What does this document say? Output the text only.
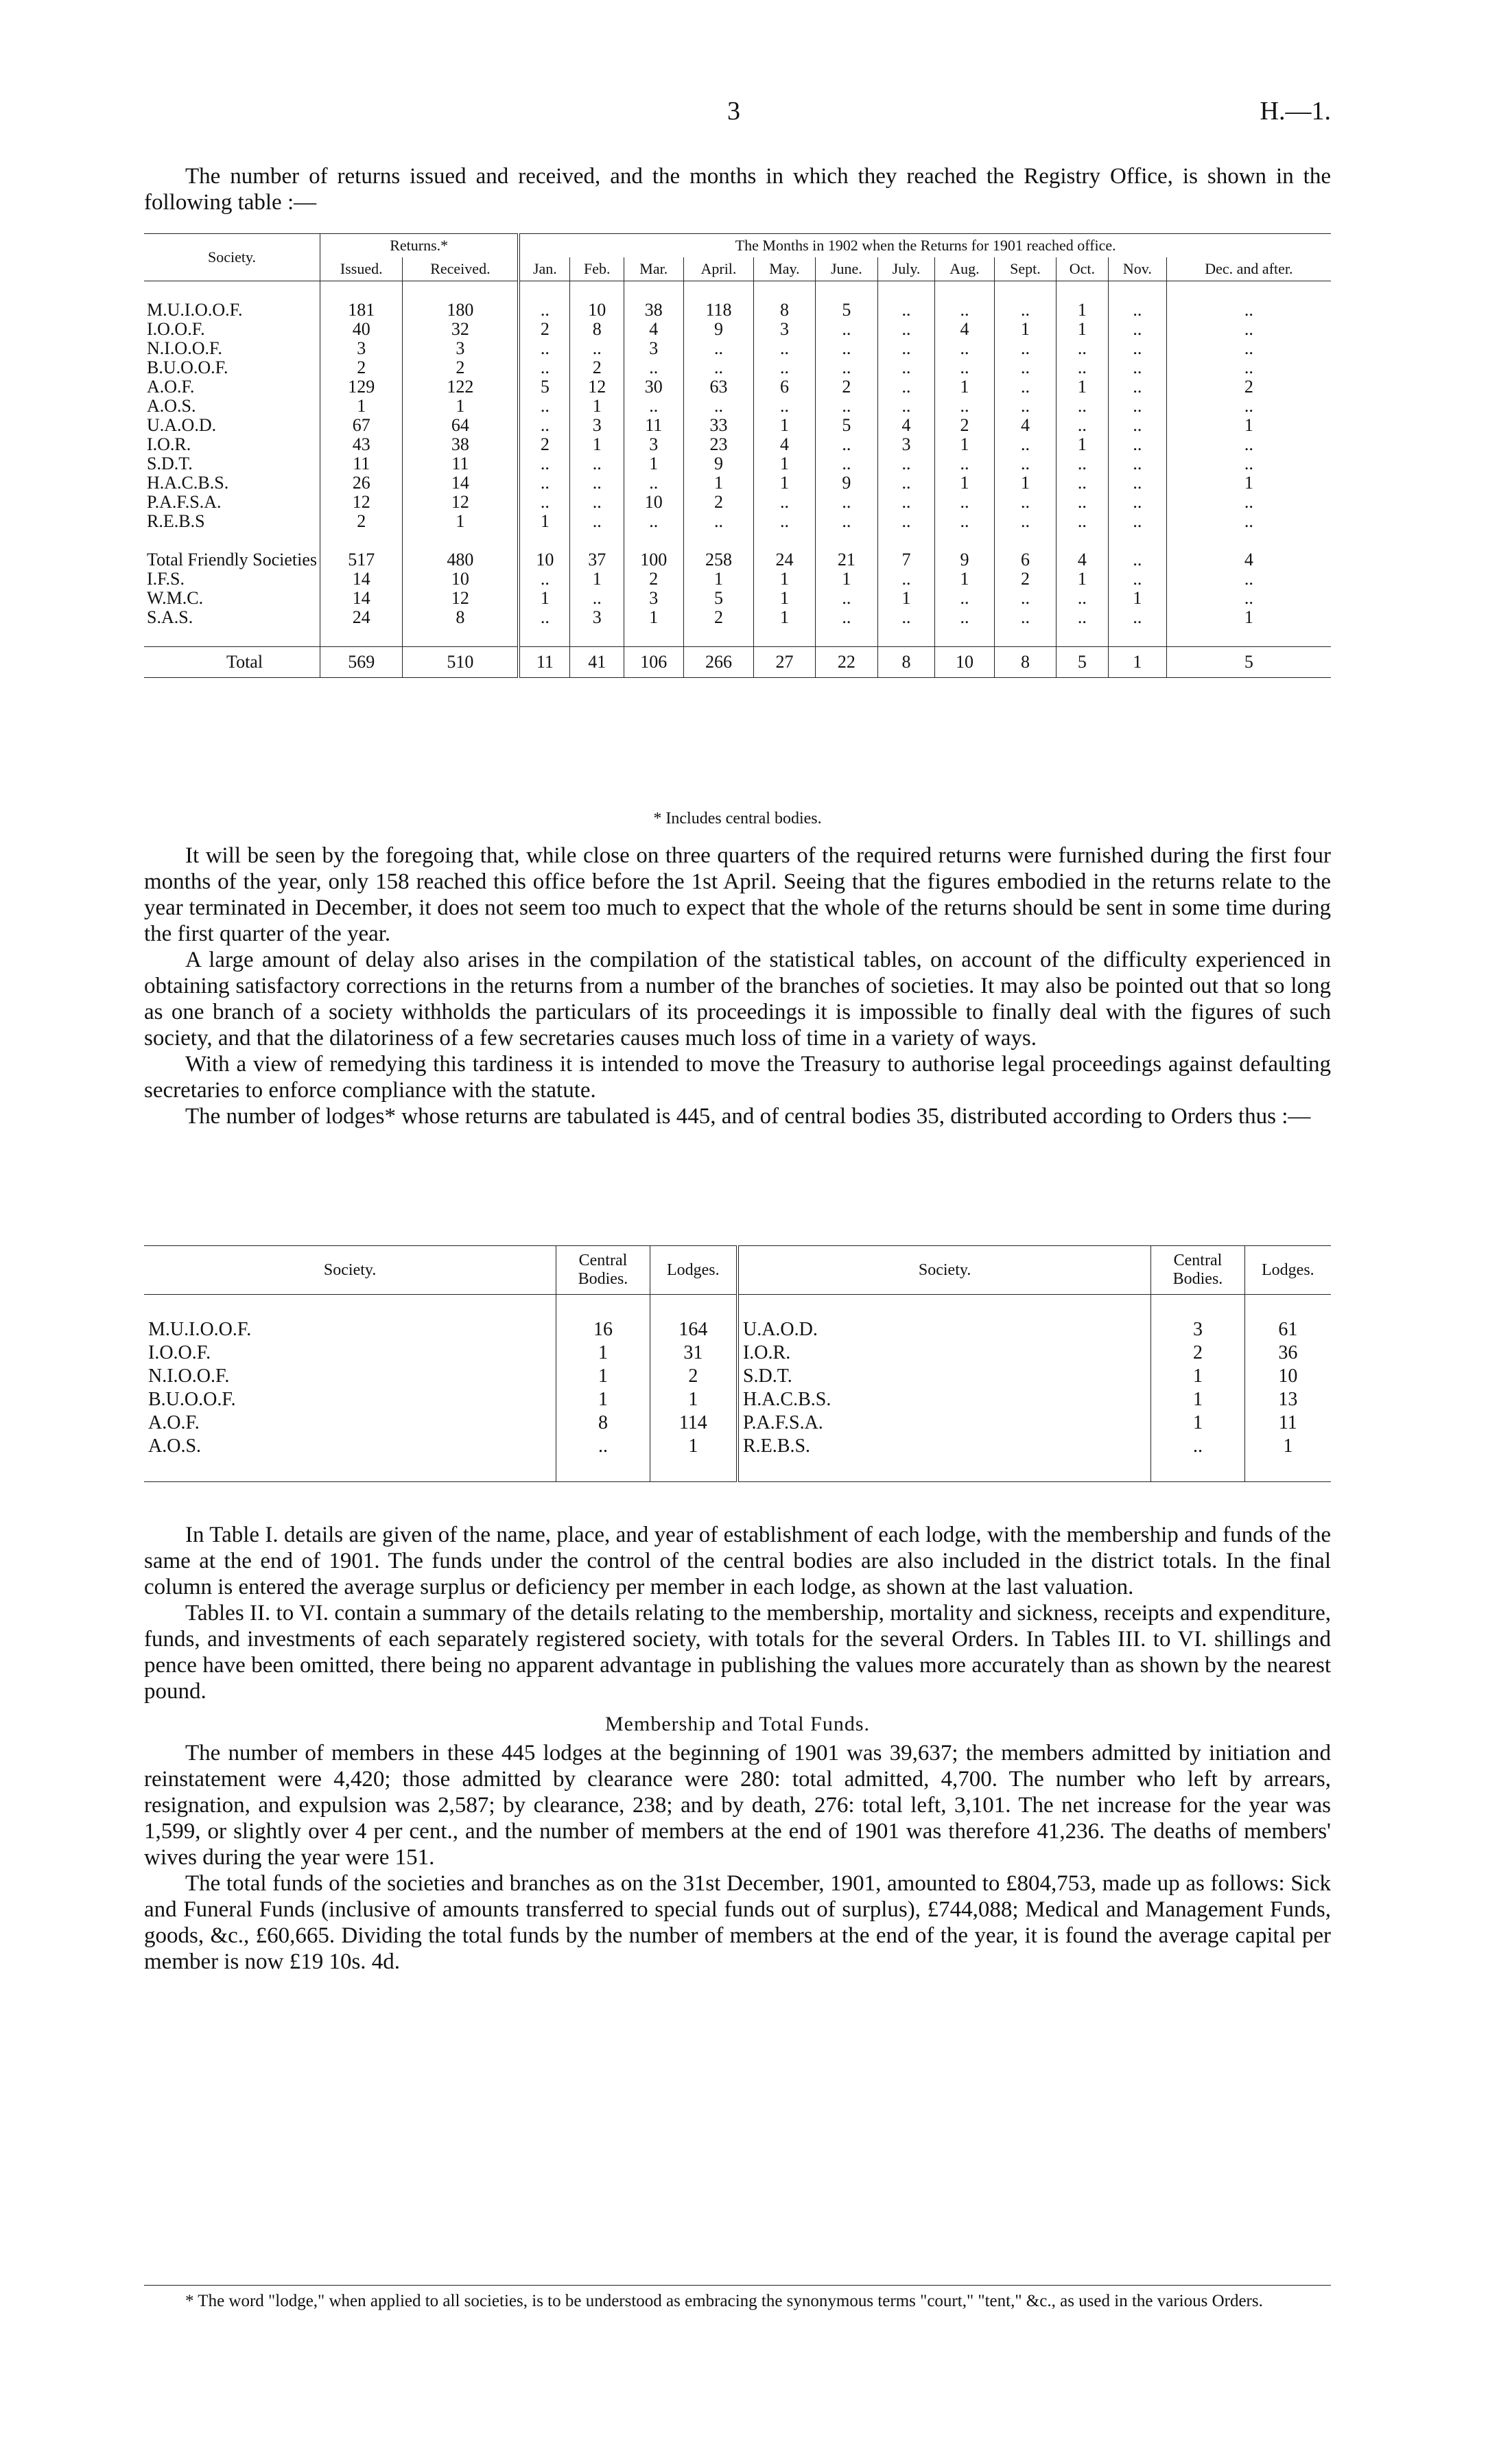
3	H.—1.

The number of returns issued and received, and the months in which they reached the Registry Office, is shown in the following table :—

Society.	Returns.*		The Months in 1902 when the Returns for 1901 reached office.											
	Issued.	Received.	Jan.	Feb.	Mar.	April.	May.	June.	July.	Aug.	Sept.	Oct.	Nov.	Dec. and after.

M.U.I.O.O.F.	181	180	..	10	38	118	8	5	..	..	..	1	..	..
I.O.O.F.	40	32	2	8	4	9	3	..	..	4	1	1	..	..
N.I.O.O.F.	3	3	..	..	3	..	..	..	..	..	..	..	..	..
B.U.O.O.F.	2	2	..	2	..	..	..	..	..	..	..	..	..	..
A.O.F.	129	122	5	12	30	63	6	2	..	1	..	1	..	2
A.O.S.	1	1	..	1	..	..	..	..	..	..	..	..	..	..
U.A.O.D.	67	64	..	3	11	33	1	5	4	2	4	..	..	1
I.O.R.	43	38	2	1	3	23	4	..	3	1	..	1	..	..
S.D.T.	11	11	..	..	1	9	1	..	..	..	..	..	..	..
H.A.C.B.S.	26	14	..	..	..	1	1	9	..	1	1	..	..	1
P.A.F.S.A.	12	12	..	..	10	2	..	..	..	..	..	..	..	..
R.E.B.S	2	1	1	..	..	..	..	..	..	..	..	..	..	..

Total Friendly Societies	517	480	10	37	100	258	24	21	7	9	6	4	..	4
I.F.S.	14	10	..	1	2	1	1	1	..	1	2	1	..	..
W.M.C.	14	12	1	..	3	5	1	..	1	..	..	..	1	..
S.A.S.	24	8	..	3	1	2	1	..	..	..	..	..	..	1

Total	569	510	11	41	106	266	27	22	8	10	8	5	1	5
* Includes central bodies.

It will be seen by the foregoing that, while close on three quarters of the required returns were furnished during the first four months of the year, only 158 reached this office before the 1st April. Seeing that the figures embodied in the returns relate to the year terminated in December, it does not seem too much to expect that the whole of the returns should be sent in some time during the first quarter of the year.

A large amount of delay also arises in the compilation of the statistical tables, on account of the difficulty experienced in obtaining satisfactory corrections in the returns from a number of the branches of societies. It may also be pointed out that so long as one branch of a society withholds the particulars of its proceedings it is impossible to finally deal with the figures of such society, and that the dilatoriness of a few secretaries causes much loss of time in a variety of ways.

With a view of remedying this tardiness it is intended to move the Treasury to authorise legal proceedings against defaulting secretaries to enforce compliance with the statute.

The number of lodges* whose returns are tabulated is 445, and of central bodies 35, distributed according to Orders thus :—

Society.	Central Bodies.	Lodges.	Society.	Central Bodies.	Lodges.

M.U.I.O.O.F.	16	164	U.A.O.D.	3	61
I.O.O.F.	1	31	I.O.R.	2	36
N.I.O.O.F.	1	2	S.D.T.	1	10
B.U.O.O.F.	1	1	H.A.C.B.S.	1	13
A.O.F.	8	114	P.A.F.S.A.	1	11
A.O.S.	..	1	R.E.B.S.	..	1

In Table I. details are given of the name, place, and year of establishment of each lodge, with the membership and funds of the same at the end of 1901. The funds under the control of the central bodies are also included in the district totals. In the final column is entered the average surplus or deficiency per member in each lodge, as shown at the last valuation.

Tables II. to VI. contain a summary of the details relating to the membership, mortality and sickness, receipts and expenditure, funds, and investments of each separately registered society, with totals for the several Orders. In Tables III. to VI. shillings and pence have been omitted, there being no apparent advantage in publishing the values more accurately than as shown by the nearest pound.

Membership and Total Funds.

The number of members in these 445 lodges at the beginning of 1901 was 39,637; the members admitted by initiation and reinstatement were 4,420; those admitted by clearance were 280: total admitted, 4,700. The number who left by arrears, resignation, and expulsion was 2,587; by clearance, 238; and by death, 276: total left, 3,101. The net increase for the year was 1,599, or slightly over 4 per cent., and the number of members at the end of 1901 was therefore 41,236. The deaths of members' wives during the year were 151.

The total funds of the societies and branches as on the 31st December, 1901, amounted to £804,753, made up as follows: Sick and Funeral Funds (inclusive of amounts transferred to special funds out of surplus), £744,088; Medical and Management Funds, goods, &c., £60,665. Dividing the total funds by the number of members at the end of the year, it is found the average capital per member is now £19 10s. 4d.

* The word "lodge," when applied to all societies, is to be understood as embracing the synonymous terms "court," "tent," &c., as used in the various Orders.
